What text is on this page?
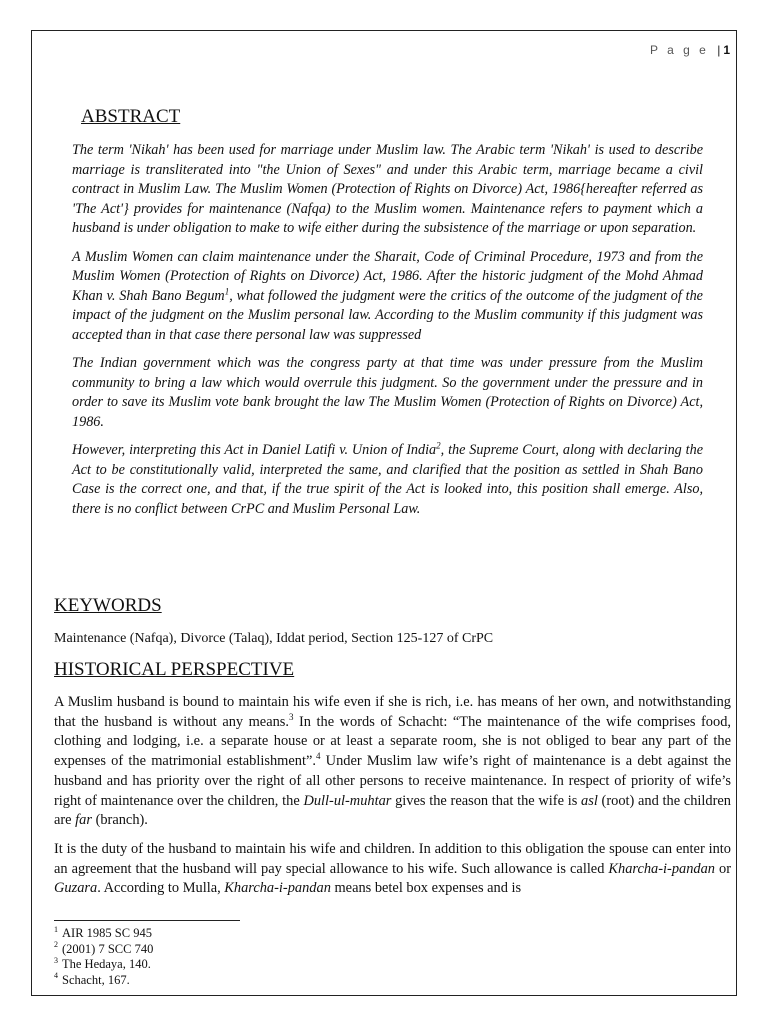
P a g e | 1
ABSTRACT

The term 'Nikah' has been used for marriage under Muslim law. The Arabic term 'Nikah' is used to describe marriage is transliterated into "the Union of Sexes" and under this Arabic term, marriage became a civil contract in Muslim Law. The Muslim Women (Protection of Rights on Divorce) Act, 1986{hereafter referred as 'The Act'} provides for maintenance (Nafqa) to the Muslim women. Maintenance refers to payment which a husband is under obligation to make to wife either during the subsistence of the marriage or upon separation.

A Muslim Women can claim maintenance under the Sharait, Code of Criminal Procedure, 1973 and from the Muslim Women (Protection of Rights on Divorce) Act, 1986. After the historic judgment of the Mohd Ahmad Khan v. Shah Bano Begum$^1$, what followed the judgment were the critics of the outcome of the judgment of the impact of the judgment on the Muslim personal law. According to the Muslim community if this judgment was accepted than in that case there personal law was suppressed

The Indian government which was the congress party at that time was under pressure from the Muslim community to bring a law which would overrule this judgment. So the government under the pressure and in order to save its Muslim vote bank brought the law The Muslim Women (Protection of Rights on Divorce) Act, 1986.

However, interpreting this Act in Daniel Latifi v. Union of India$^2$, the Supreme Court, along with declaring the Act to be constitutionally valid, interpreted the same, and clarified that the position as settled in Shah Bano Case is the correct one, and that, if the true spirit of the Act is looked into, this position shall emerge. Also, there is no conflict between CrPC and Muslim Personal Law.

KEYWORDS

Maintenance (Nafqa), Divorce (Talaq), Iddat period, Section 125-127 of CrPC

HISTORICAL PERSPECTIVE

A Muslim husband is bound to maintain his wife even if she is rich, i.e. has means of her own, and notwithstanding that the husband is without any means.$^3$ In the words of Schacht: “The maintenance of the wife comprises food, clothing and lodging, i.e. a separate house or at least a separate room, she is not obliged to bear any part of the expenses of the matrimonial establishment”.$^4$ Under Muslim law wife’s right of maintenance is a debt against the husband and has priority over the right of all other persons to receive maintenance. In respect of priority of wife’s right of maintenance over the children, the Dull-ul-muhtar gives the reason that the wife is asl (root) and the children are far (branch).

It is the duty of the husband to maintain his wife and children. In addition to this obligation the spouse can enter into an agreement that the husband will pay special allowance to his wife. Such allowance is called Kharcha-i-pandan or Guzara. According to Mulla, Kharcha-i-pandan means betel box expenses and is

$^1$ AIR 1985 SC 945
$^2$ (2001) 7 SCC 740
$^3$ The Hedaya, 140.
$^4$ Schacht, 167.
